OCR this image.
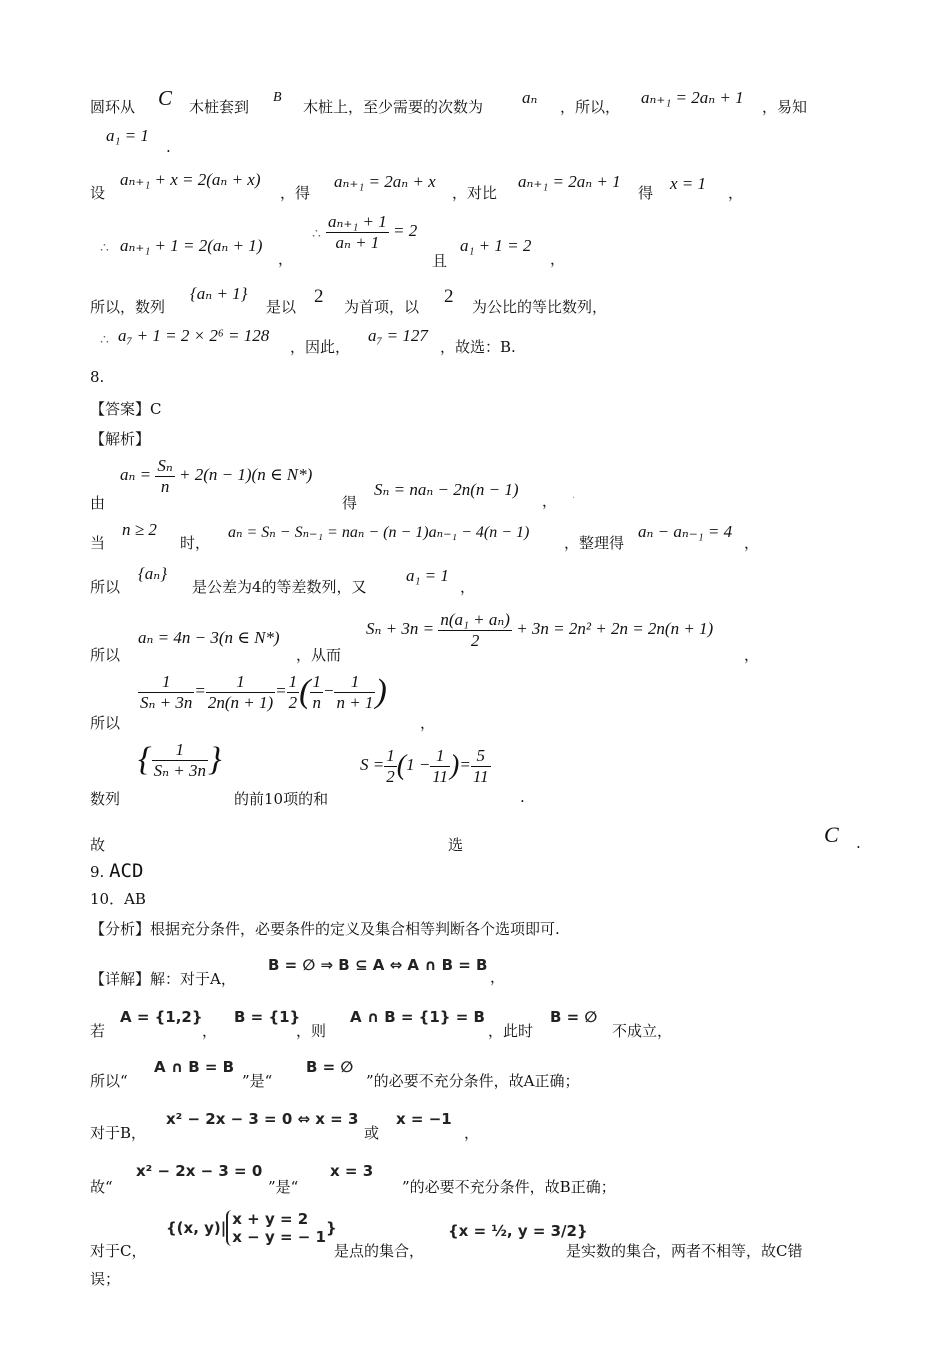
圆环从 C 木桩套到
B
木桩上，至少需要的次数为 aₙ ，所以， aₙ₊₁ = 2aₙ + 1 ，易知
a₁ = 1
.
设
aₙ₊₁ + x = 2(aₙ + x)
，得
aₙ₊₁ = 2aₙ + x
，对比
aₙ₊₁ = 2aₙ + 1
得 x = 1 ，
∴ aₙ₊₁ + 1 = 2(aₙ + 1)
，
∴ $\frac{\text{aₙ₊₁ + 1}}{\text{aₙ + 1}} = 2$
且
a₁ + 1 = 2
，
所以，数列
{aₙ + 1}
是以 2 为首项，以 2 为公比的等比数列，
∴ a₇ + 1 = 2 × 2⁶ = 128
，因此，
a₇ = 127
，故选：B.
8.
【答案】C
【解析】
由
$a_n = \frac{\text{Sₙ}}{n} + 2(n - 1)(n$ ∈ N*)
得
Sₙ = naₙ − 2n(n − 1)
， .
当
n ≥ 2
时，
aₙ = Sₙ − Sₙ₋₁ = naₙ − (n − 1)aₙ₋₁ − 4(n − 1)
，整理得
aₙ − aₙ₋₁ = 4
，
所以
{aₙ}
是公差为4的等差数列，又
a₁ = 1
，
所以
aₙ = 4n − 3(n ∈ N*)
，从而
$S_n + 3n = \frac{\text{n(a₁ + aₙ)}}{2} + 3n = 2n^2 + 2n = 2n(n + 1)$
，
所以
$\frac{1}{\text{Sₙ + 3n}} = \frac{1}{2n(n + 1)} = \frac{1}{2}$ ( $\frac{1}{n} - \frac{1}{n + 1}$ )
，
数列
{ $\frac{1}{\text{Sₙ + 3n}}$ }
的前10项的和
$S = \frac{1}{2} (1 - \frac{1}{11}$ )= $\frac{5}{11}$
.
故	选	C .
9. ACD
10．AB
【分析】根据充分条件，必要条件的定义及集合相等判断各个选项即可.
【详解】解：对于A，
B = ∅ ⇒ B ⊆ A ⇔ A ∩ B = B
，
若
A = {1,2}
，
B = {1}
，则
A ∩ B = {1} = B
，此时
B = ∅
不成立，
所以“
A ∩ B = B
”是“
B = ∅
”的必要不充分条件，故A正确；
对于B，
x² − 2x − 3 = 0 ⇔ x = 3
或
x = −1
，
故“
x² − 2x − 3 = 0
”是“
x = 3
”的必要不充分条件，故B正确；
对于C，
{(x, y)| x + y = 2
x − y = − 1 }
是点的集合，
{x = ½, y = 3/2}
是实数的集合，两者不相等，故C错
误；
